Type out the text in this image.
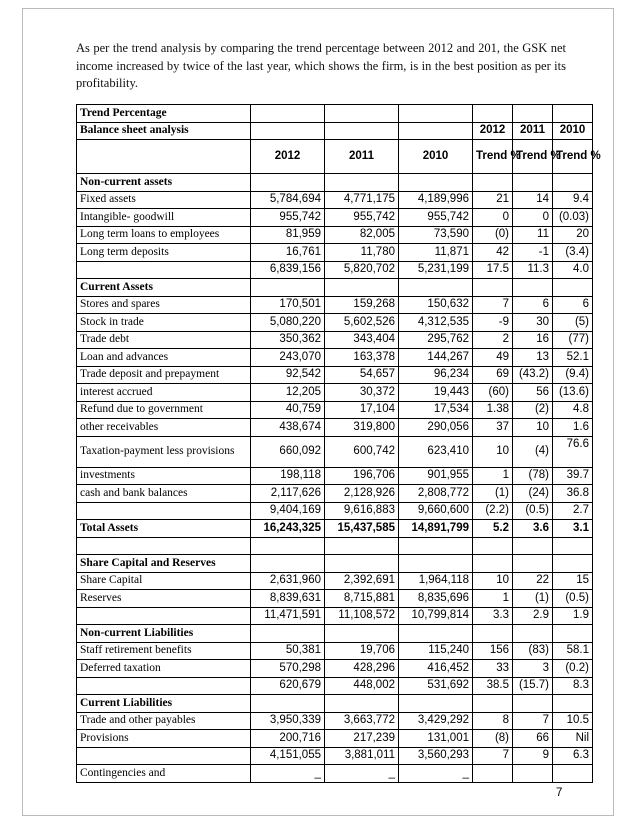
As per the trend analysis by comparing the trend percentage between 2012 and 201, the GSK net income increased by twice of the last year, which shows the firm, is in the best position as per its profitability.

Trend Percentage						
Balance sheet analysis				2012	2011	2010
	2012	2011	2010	Trend %	Trend %	Trend %
Non-current assets						
Fixed assets	5,784,694	4,771,175	4,189,996	21	14	9.4
Intangible- goodwill	955,742	955,742	955,742	0	0	(0.03)
Long term loans to employees	81,959	82,005	73,590	(0)	11	20
Long term deposits	16,761	11,780	11,871	42	-1	(3.4)
	6,839,156	5,820,702	5,231,199	17.5	11.3	4.0
Current Assets						
Stores and spares	170,501	159,268	150,632	7	6	6
Stock in trade	5,080,220	5,602,526	4,312,535	-9	30	(5)
Trade debt	350,362	343,404	295,762	2	16	(77)
Loan and advances	243,070	163,378	144,267	49	13	52.1
Trade deposit and prepayment	92,542	54,657	96,234	69	(43.2)	(9.4)
interest accrued	12,205	30,372	19,443	(60)	56	(13.6)
Refund due to government	40,759	17,104	17,534	1.38	(2)	4.8
other receivables	438,674	319,800	290,056	37	10	1.6
Taxation-payment less provisions	660,092	600,742	623,410	10	(4)	76.6
investments	198,118	196,706	901,955	1	(78)	39.7
cash and bank balances	2,117,626	2,128,926	2,808,772	(1)	(24)	36.8
	9,404,169	9,616,883	9,660,600	(2.2)	(0.5)	2.7
Total Assets	16,243,325	15,437,585	14,891,799	5.2	3.6	3.1

Share Capital and Reserves						
Share Capital	2,631,960	2,392,691	1,964,118	10	22	15
Reserves	8,839,631	8,715,881	8,835,696	1	(1)	(0.5)
	11,471,591	11,108,572	10,799,814	3.3	2.9	1.9
Non-current Liabilities						
Staff retirement benefits	50,381	19,706	115,240	156	(83)	58.1
Deferred taxation	570,298	428,296	416,452	33	3	(0.2)
	620,679	448,002	531,692	38.5	(15.7)	8.3
Current Liabilities						
Trade and other payables	3,950,339	3,663,772	3,429,292	8	7	10.5
Provisions	200,716	217,239	131,001	(8)	66	Nil
	4,151,055	3,881,011	3,560,293	7	9	6.3
Contingencies and	_	_	_			
7
